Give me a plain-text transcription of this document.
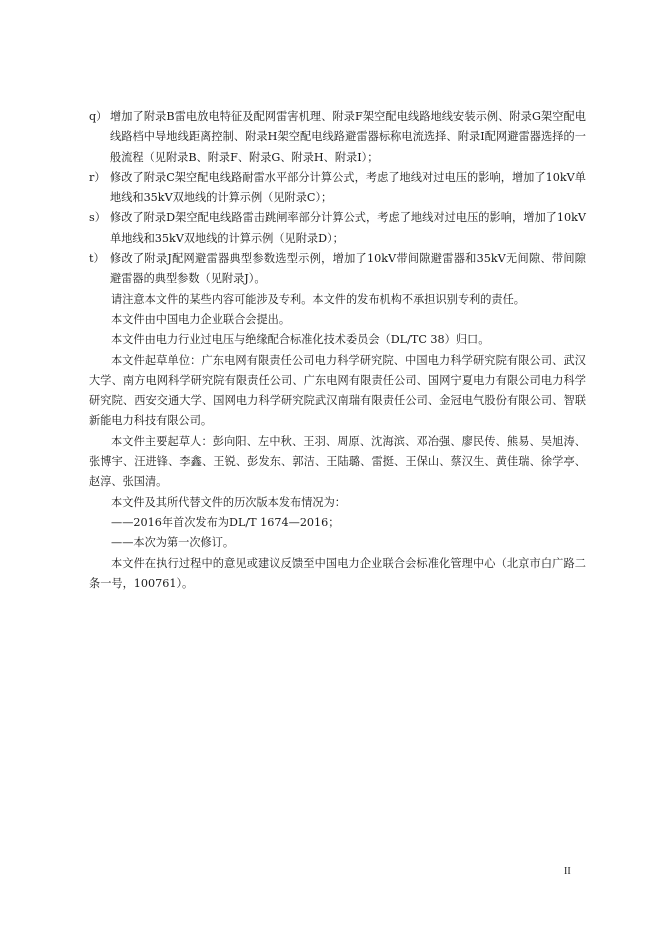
q） 增加了附录B雷电放电特征及配网雷害机理、附录F架空配电线路地线安装示例、附录G架空配电线路档中导地线距离控制、附录H架空配电线路避雷器标称电流选择、附录I配网避雷器选择的一般流程（见附录B、附录F、附录G、附录H、附录I）；
r） 修改了附录C架空配电线路耐雷水平部分计算公式，考虑了地线对过电压的影响，增加了10kV单地线和35kV双地线的计算示例（见附录C）；
s） 修改了附录D架空配电线路雷击跳闸率部分计算公式，考虑了地线对过电压的影响，增加了10kV单地线和35kV双地线的计算示例（见附录D）；
t） 修改了附录J配网避雷器典型参数选型示例，增加了10kV带间隙避雷器和35kV无间隙、带间隙避雷器的典型参数（见附录J）。
请注意本文件的某些内容可能涉及专利。本文件的发布机构不承担识别专利的责任。
本文件由中国电力企业联合会提出。
本文件由电力行业过电压与绝缘配合标准化技术委员会（DL/TC 38）归口。
本文件起草单位：广东电网有限责任公司电力科学研究院、中国电力科学研究院有限公司、武汉大学、南方电网科学研究院有限责任公司、广东电网有限责任公司、国网宁夏电力有限公司电力科学研究院、西安交通大学、国网电力科学研究院武汉南瑞有限责任公司、金冠电气股份有限公司、智联新能电力科技有限公司。
本文件主要起草人：彭向阳、左中秋、王羽、周原、沈海滨、邓冶强、廖民传、熊易、吴旭涛、张博宇、汪进锋、李鑫、王锐、彭发东、郭洁、王陆璐、雷挺、王保山、蔡汉生、黄佳瑞、徐学亭、赵淳、张国清。
本文件及其所代替文件的历次版本发布情况为：
——2016年首次发布为DL/T 1674—2016；
——本次为第一次修订。
本文件在执行过程中的意见或建议反馈至中国电力企业联合会标准化管理中心（北京市白广路二条一号，100761）。
II
